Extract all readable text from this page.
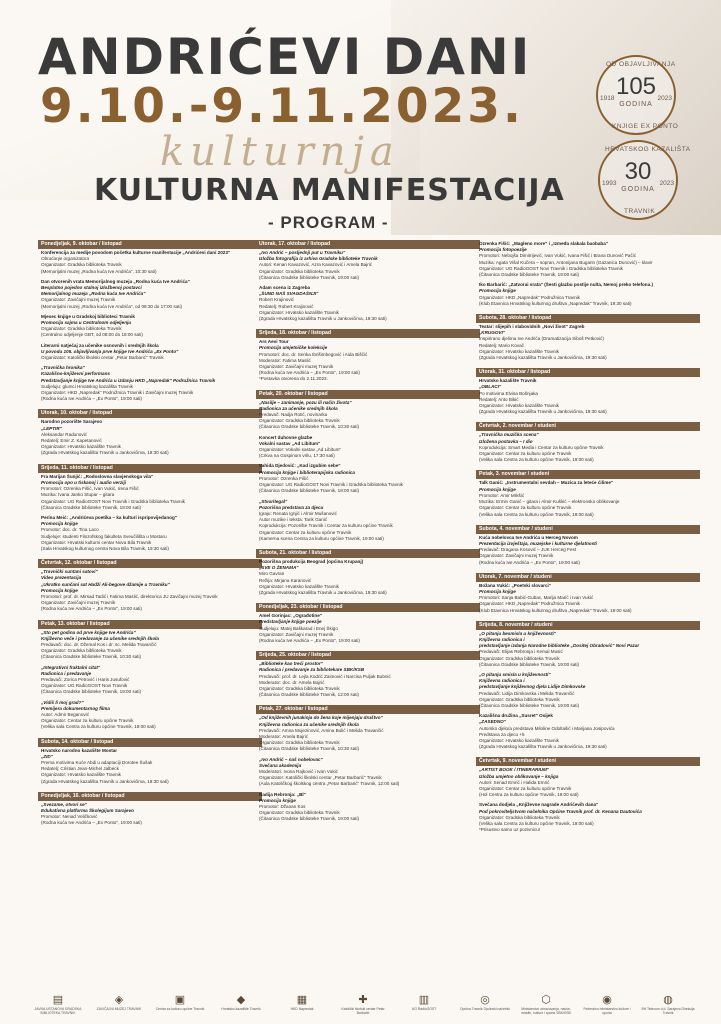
ANDRIĆEVI DANI
9.10.-9.11.2023.
kulturnja
KULTURNA MANIFESTACIJA
- PROGRAM -
OD OBJAVLJIVANJA
105
GODINA
1918	2023
KNJIGE EX PONTO
HRVATSKOG KAZALIŠTA
30
GODINA
1993	2023
TRAVNIK
Ponedjeljak, 9. oktobar / listopad
Konferencija za medije povodom početka kulturne manifestacije „Andrićevi dani 2023"
Obraćanje organizatora
Organizator: Gradska biblioteka Travnik
(Memorijalni muzej „Rodna kuća Ive Andrića", 10:30 sati)
Dan otvorenih vrata Memorijalnog muzeja „Rodna kuća Ive Andrića"
Besplatno pojedno stalnoj izložbenoj postavci
Memorijalnog muzeja „Rodna kuća Ive Andrića"
Organizator: Zavičajni muzej Travnik
(Memorijalni muzej „Rodna kuća Ive Andrića", od 09:30 do 17:00 sati)
Mjesec knjige u Gradskoj biblioteci Travnik
Promocija sajma u Centralnom odjeljenju
Organizator: Gradska biblioteka Travnik
(Centralno odjeljenje GBT, od 08:00 do 18:00 sati)
Literarni natječaj za učenike osnovnih i srednjih škola
U povodu 105. objavljivanja prve knjige Ive Andrića „Ex Ponto"
Organizator: Katolički školski centar „Petar Barbarić" Travnik
„Travnička hronika"
Kazališno-književni performans
Predstavljanje knjige Ive Andrića u izdanju HKD „Napredak" Podružnica Travnik
Sudjeluju: glumci Hrvatskog kazališta Travnik
Organizator: HKD „Napredak" Podružnica Travnik i Zavičajni muzej Travnik
(Rodna kuća Ive Andrića – „Ex Ponto", 19:00 sati)
Utorak, 10. oktobar / listopad
Narodno pozorište Sarajevo
„LEPTIR"
Aleksandar Radunović
Redatelj: Emir Z. Kapetanović
Organizator: Hrvatsko kazalište Travnik
(Zgrada Hrvatskog kazališta Travnik u Jankovićima, 19:30 sati)
Srijeda, 11. oktobar / listopad
Fra Marijan Šunjić: „Rodoslovna slavjenskoga vila"
Promocija opo u tiskanoj i audio verziji
Promotori: Ozrenka Fišić, Ivan Vukić, Irena Fišić
Muzika: Ivana Janko Stupar – gitara
Organizator: UG RadioGOST Novi Travnik i Gradska biblioteka Travnik
(Čitaonica Gradske biblioteke Travnik, 18:00 sati)
Perina Meić: „Andrićeva poetika – ka kulturi ispripovijedanog"
Promocija knjige
Promotor: doc. dr. Tina Laco
Sudjeluje: studenti Filozofskog fakulteta Sveučilišta u Mostaru
Organizator: Hrvatski kulturni centar Nova Bila Travnik
(Sala Hrvatskog kulturnog centra Nova Bila Travnik, 19:30 sati)
Četvrtak, 12. oktobar / listopad
„Travnički suntani satovi"
Video prezentacija
„Ukratko sunčani sat Hadži Ali-begove džamije u Travniku"
Promocija knjige
Promotori: prof. dr. Mirsad Tadić i Fatima Maslić, direktorica JU Zavičajni muzej Travnik
Organizator: Zavičajni muzej Travnik
(Rodna kuća Ive Andrića – „Ex Ponto", 19:00 sati)
Petak, 13. oktobar / listopad
„Sto pet godina od prve knjige Ive Andrića"
Književno veče i predavanje za učenike srednjih škola
Predavači: doc. dr. Džemal Kos i dr. sc. Melida Travančić
Organizator: Gradska biblioteka Travnik
(Čitaonica Gradske biblioteke Travnik, 10:30 sati)
„Integrativni fraktalni citat"
Radionica i predavanje
Predavači: Zorica Petrović i Haris Jusufović
Organizator: UG RadioGOST Novi Travnik
(Čitaonica Gradske biblioteke Travnik, 19:00 sati)
„Vidiš li moj grad?"
Premijera dokumentarnog filma
Autor: Admir Beganović
Organizator: Centar za kulturu općine Travnik
(Velika sala Centra za kulturu općine Travnik, 19:00 sati)
Subota, 14. oktobar / listopad
Hrvatsko narodno kazalište Mostar
„ZID"
Prema motivima Kuće Abdi u adaptaciji Dorotee Šušak
Redatelj: Cristian Jean-Michel Jalbeck
Organizator: Hrvatsko kazalište Travnik
(Zgrada Hrvatskog kazališta Travnik u Jankovićima, 19:30 sati)
Ponedjeljak, 16. oktobar / listopad
„Svezame, otvori se"
Edukativna platforma Školegijum Sarajevo
Promotor: Nenad Veličković
(Rodna kuća Ive Andrića – „Ex Ponto", 19:00 sati)
Utorak, 17. oktobar / listopad
„Ivo Andrić – posljednji put u Travniku"
Izložba fotografija iz arhiva Gradske biblioteke Travnik
Autori: Kenan Kavazović, Azra Kavazović i Amela Bajrić
Organizator: Gradska biblioteka Travnik
(Čitaonica Gradske biblioteke Travnik, 19:00 sati)
Adam scena iz Zagreba
„ŠUND NAŠ SVAGDAŠNJI"
Robert Krajinović
Redatelj: Robert Krajinović
Organizator: Hrvatsko kazalište Travnik
(Zgrada Hrvatskog kazališta Travnik u Jankovićima, 19:30 sati)
Srijeda, 18. oktobar / listopad
Ars Aevi Tour
Promocija umjetničke kolekcije
Promotori: doc. dr. Senka Ibrišimbegović i Aida Biščić
Moderator: Fatima Maslić
Organizator: Zavičajni muzej Travnik
(Rodna kuća Ive Andrića – „Ex Ponto", 19:00 sati)
*Postavka otvorena do 2.11.2023.
Petak, 20. oktobar / listopad
„Nasilje – zanimanje, pozu ili način života"
Radionica za učenike srednjih škola
Predavač: Nadja Rotić, novinarka
Organizator: Gradska biblioteka Travnik
(Čitaonica Gradske biblioteke Travnik, 10:30 sati)
Koncert duhovne glazbe
Vokalni sastav „Ad Libitum"
Organizator: Vokalni sastav „Ad Libitum"
(Crkva na Gospinom vrilu, 17:30 sati)
Vahida Djedović: „Kad izgubim sebe"
Promocija knjige i biblioterapijska radionica
Promotor: Ozrenka Fišić
Organizator: UG RadioGOST Novi Travnik i Gradska biblioteka Travnik
(Čitaonica Gradske biblioteke Travnik, 18:00 sati)
„Stvoritegal"
Pozorišna predstava za djecu
Igraju: Renata Ignjić i Almir Mušanović
Autor muzike i teksta: Tarik Ganić
Koprodukcija: Pozorište Travnik i Centar za kulturu općine Travnik
Organizator: Centar za kulturu općine Travnik
(Kamerna scena Centra za kulturu općine Travnik, 19:00 sati)
Subota, 21. oktobar / listopad
Pozorišna produkcija Beograd (općina Krupanj)
„SVE O ŽENAMA"
Miro Gavran
Režija: Mirjana Karanović
Organizator: Hrvatsko kazalište Travnik
(Zgrada Hrvatskog kazališta Travnik u Jankovićima, 19:30 sati)
Ponedjeljak, 23. oktobar / listopad
Amel Gorinjac: „Ograđotine"
Predstavljanje knjige poezije
Sudjeluju: Matej Baškarad i Enej Škigo
Organizator: Zavičajni muzej Travnik
(Rodna kuća Ive Andrića – „Ex Ponto", 19:00 sati)
Srijeda, 25. oktobar / listopad
„Biblioteke kao treći prostor"
Radionica i predavanje za bibliotekare SBK/KSB
Predavači: prof. dr. Lejla Kodrić Zaimović i Narcisa Puljak Bubnić
Moderator: doc. dr. Amela Bajrić
Organizator: Gradska biblioteka Travnik
(Čitaonica Gradske biblioteke Travnik, 12:00 sati)
Petak, 27. oktobar / listopad
„Od književnih junakinja do žena koje mijenjaju društvo"
Književna radionica za učenike srednjih škola
Predavači: Amna Mujezinović, Amina Bulić i Melida Travančić
Moderator: Amela Bajrić
Organizator: Gradska biblioteka Travnik
(Čitaonica Gradske biblioteke Travnik, 10:30 sati)
„Ivo Andrić – naš nobelovac"
Svečana akademija
Moderatori: Ivona Rajković i Ivan Vukić
Organizator: Katolički školski centar „Petar Barbarić" Travnik
(Aula Katoličkog školskog centra „Petar Barbarić" Travnik, 12:00 sati)
Nadija Rebronja: „Bl"
Promocija knjige
Promotor: Džanan Kos
Organizator: Gradska biblioteka Travnik
(Čitaonica Gradske biblioteke Travnik, 19:00 sati)
Ozrenka Fišić: „Magleno more" i „Izmeđa slakala baobaba"
Promocija fotopoezije
Promotori: Nebojša Dimitrijević, Ivan Vukić, Ivana Fišić i Brana Dunović Pačić
Muzika: Agata Višal Kučera – sopran, Antonijana Bugarin (Gazanica Dunović) – klavir
Organizator: UG RadioGOST Novi Travnik i Gradska biblioteka Travnik
(Čitaonica Gradske biblioteke Travnik, 19:00 sati)
Iko Barbarić: „Zatvorai vrata" (Šesti glazbu postije nulta, Nemoj preko telefona.)
Promocija knjige
Organizator: HKD „Napredak" Podružnica Travnik
(Klub Etavnica Hrvatskog kulturnog društva „Napredak" Travnik, 19:30 sati)
Subota, 28. oktobar / listopad
Teatar: slijepih i slabovidnih „Novi život" Zagreb
„KRUGOVI"
Inspirirano djelima Ive Andrića (Dramatizacija Siboš Petković)
Redatelj: Mario Kovač
Organizator: Hrvatsko kazalište Travnik
(Zgrada Hrvatskog kazališta Travnik u Jankovićima, 19:30 sati)
Utorak, 31. oktobar / listopad
Hrvatsko kazalište Travnik
„OBLACI"
Po motivima Elvisa Bošnjaka
Redatelj: Anto Bikić
Organizator: Hrvatsko kazalište Travnik
(Zgrada Hrvatskog kazališta Travnik u Jankovićima, 19:30 sati)
Četvrtak, 2. novembar / studeni
„Travnička muzička scena"
Izložena postavka – I dio
Koprodukcija: Smart Media i Centar za kulturu općine Travnik
Organizator: Centar za kulturu općine Travnik
(Velika sala Centra za kulturu općine Travnik, 19:00 sati)
Petak, 3. novembar / studeni
Talk Ganić: „Instrumentalni sevdah – Muzica za leteće ćilime"
Promocija knjige
Promotor: Amir Mrkšić
Muzika: Ermin Ganić – gitara i Almir Kuškić – elektronsko oblikovanje
Organizator: Centar za kulturu općine Travnik
(Velika sala Centra za kulturu općine Travnik, 19:00 sati)
Subota, 4. novembar / studeni
Kuća nobelovca Ive Andrića u Herceg Novom
Prezentacija izvještaja, muzejske i kulturne djelatnosti
Predavač: Dragana Kosović – JUK Herceg Fest
Organizator: Zavičajni muzej Travnik
(Rodna kuća Ive Andrića – „Ex Ponto", 19:00 sati)
Utorak, 7. novembar / studeni
Božana Vukić: „Poetski slovarci"
Promocija knjige
Promotori: Sanja Babić-Gubac, Marija Marić i Ivan Vukić
Organizator: HKD „Napredak" Podružnica Travnik
(Klub Etavnica Hrvatskog kulturnog društva „Napredak" Travnik, 19:00 sati)
Srijeda, 8. novembar / studeni
„O pitanju besmisla u književnosti"
Književna radionica i
predstavljanje izdanja Narodne biblioteke „Dositej Obradović" Novi Pazar
Predavači: Elijas Rebronja i Kemal Musić
Organizator: Gradska biblioteka Travnik
(Čitaonica Gradske biblioteke Travnik, 19:00 sati)
„O pitanju smisla u književnosti"
Književna radionica i
predstavljanje književnog djela Lidije Dimkovske
Predavači: Lidija Dimkovska i Melida Travančić
Organizator: Gradska biblioteka Travnik
(Čitaonica Gradske biblioteke Travnik, 19:00 sati)
Kazališna družina „Susret" Osijek
„ZASEDNO"
Autorsko djelo/a predstava Miloline Odoltašić i Marijana Josipovića
Predstava za djecu +5
Organizator: Hrvatsko kazalište Travnik
(Zgrada Hrvatskog kazališta Travnik u Jankovićima, 19:30 sati)
Četvrtak, 9. novembar / studeni
„ARTIST BOOK / ITINERARIUM"
Izložba umjetno oblikovanje – knjiga
Autori: Senad Emrić i Halida Emrić
Organizator: Centar za kulturu općine Travnik
(Hol Centra za kulturu općine Travnik, 19:00 sati)
Svečana dodjela „Književne nagrade Andrićevih dana"
Pod pokroviteljstvom načelnika Općine Travnik prof. dr. Kenana Dautovića
Organizator: Gradska biblioteka Travnik
(Velika sala Centra za kulturu općine Travnik, 19:00 sati)
*Prisustvo samo uz pozivnicu!
▤
JAVNA USTANOVA GRADSKA BIBLIOTEKA TRAVNIK
◈
ZAVIČAJNI MUZEJ TRAVNIK
▣
Centar za kulturu općine Travnik
◆
Hrvatsko kazalište Travnik
▦
HKD Napredak
✚
Katolički školski centar Petar Barbarić
▥
UG RadioGOST
◎
Općina Travnik Općinski načelnik
⬡
Ministarstvo obrazovanja, nauke, mladih, kulture i sporta SBK/KSB
◉
Federalno ministarstvo kulture i sporta
◍
BH Telecom d.d. Sarajevo Direkcija Travnik
